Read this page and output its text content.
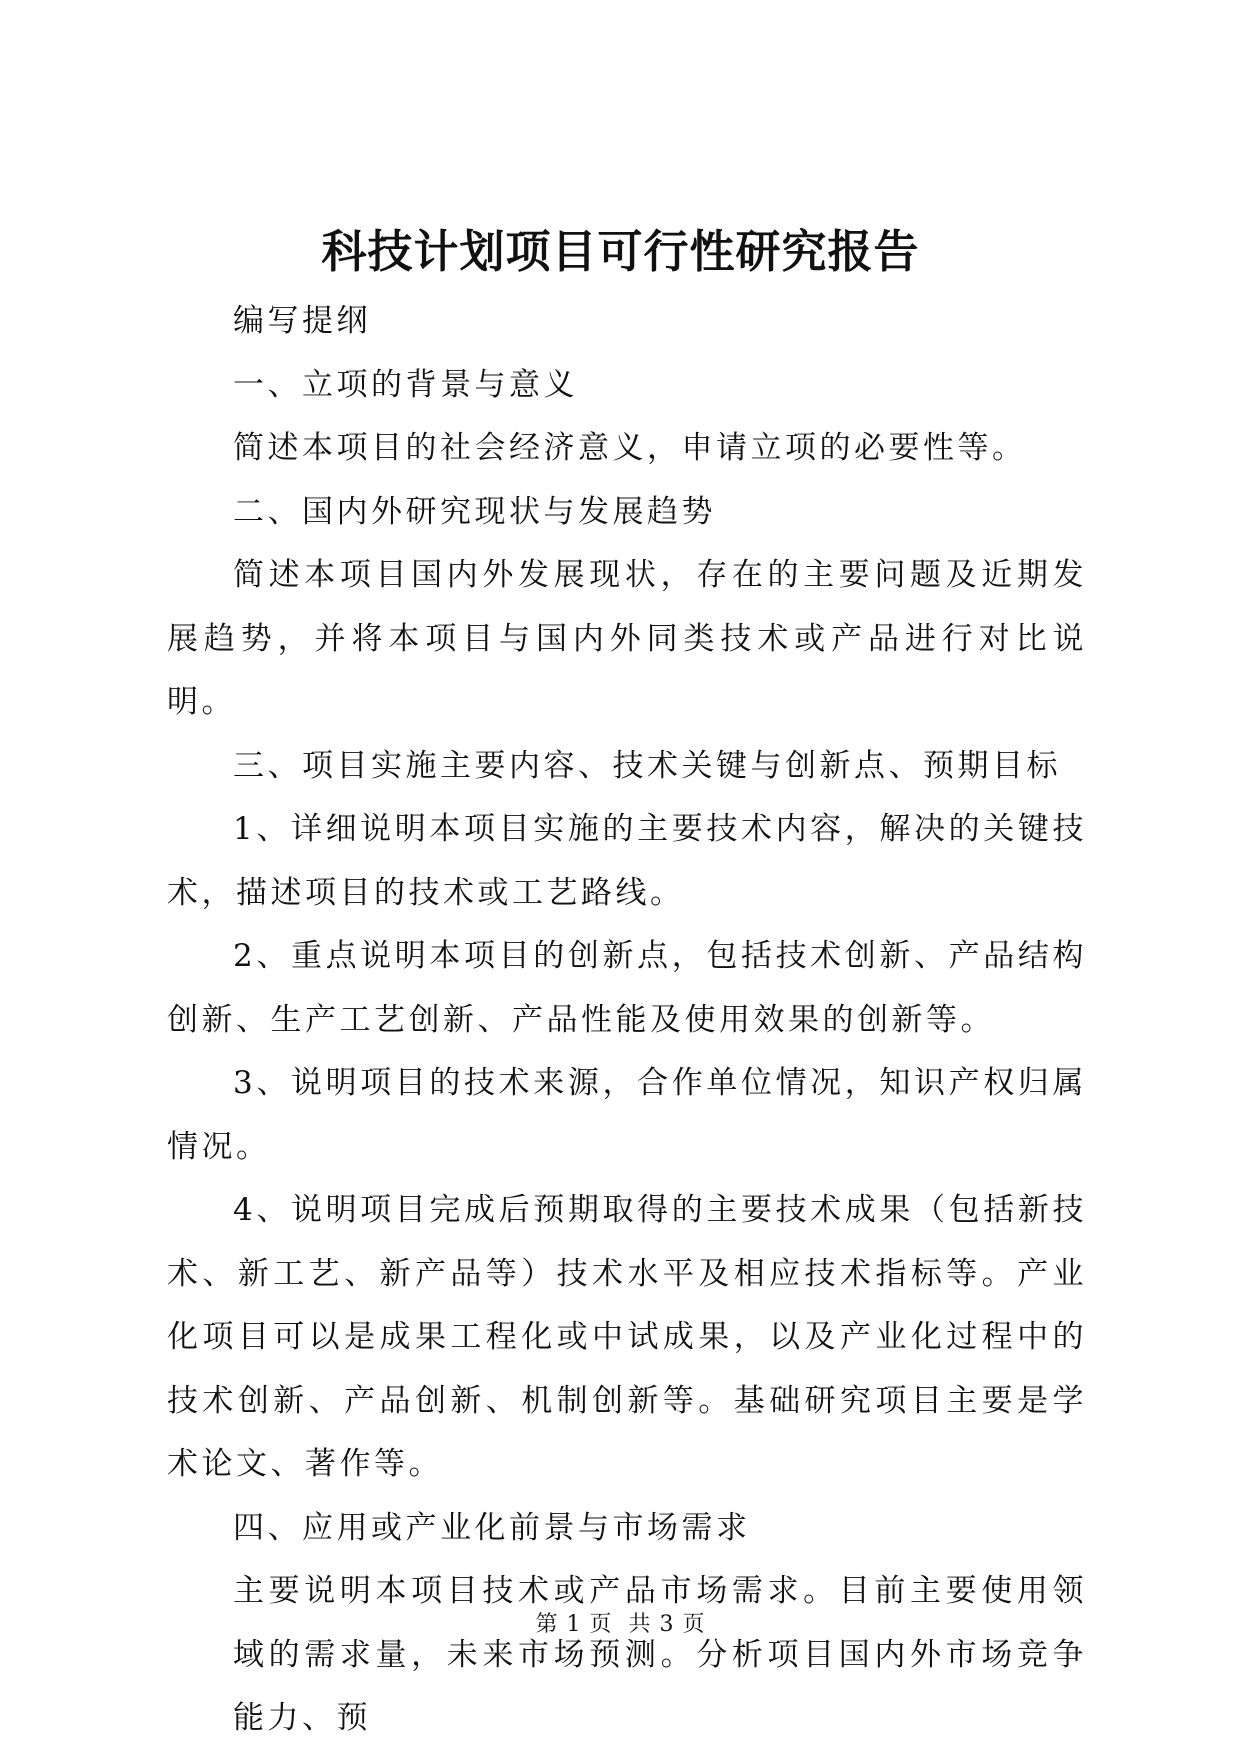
科技计划项目可行性研究报告

编写提纲

一、立项的背景与意义

简述本项目的社会经济意义，申请立项的必要性等。

二、国内外研究现状与发展趋势

简述本项目国内外发展现状，存在的主要问题及近期发展趋势，并将本项目与国内外同类技术或产品进行对比说明。

三、项目实施主要内容、技术关键与创新点、预期目标

1、详细说明本项目实施的主要技术内容，解决的关键技术，描述项目的技术或工艺路线。

2、重点说明本项目的创新点，包括技术创新、产品结构创新、生产工艺创新、产品性能及使用效果的创新等。

3、说明项目的技术来源，合作单位情况，知识产权归属情况。

4、说明项目完成后预期取得的主要技术成果（包括新技术、新工艺、新产品等）技术水平及相应技术指标等。产业化项目可以是成果工程化或中试成果，以及产业化过程中的技术创新、产品创新、机制创新等。基础研究项目主要是学术论文、著作等。

四、应用或产业化前景与市场需求

主要说明本项目技术或产品市场需求。目前主要使用领域的需求量，未来市场预测。分析项目国内外市场竞争能力、预

第 1 页  共 3 页
